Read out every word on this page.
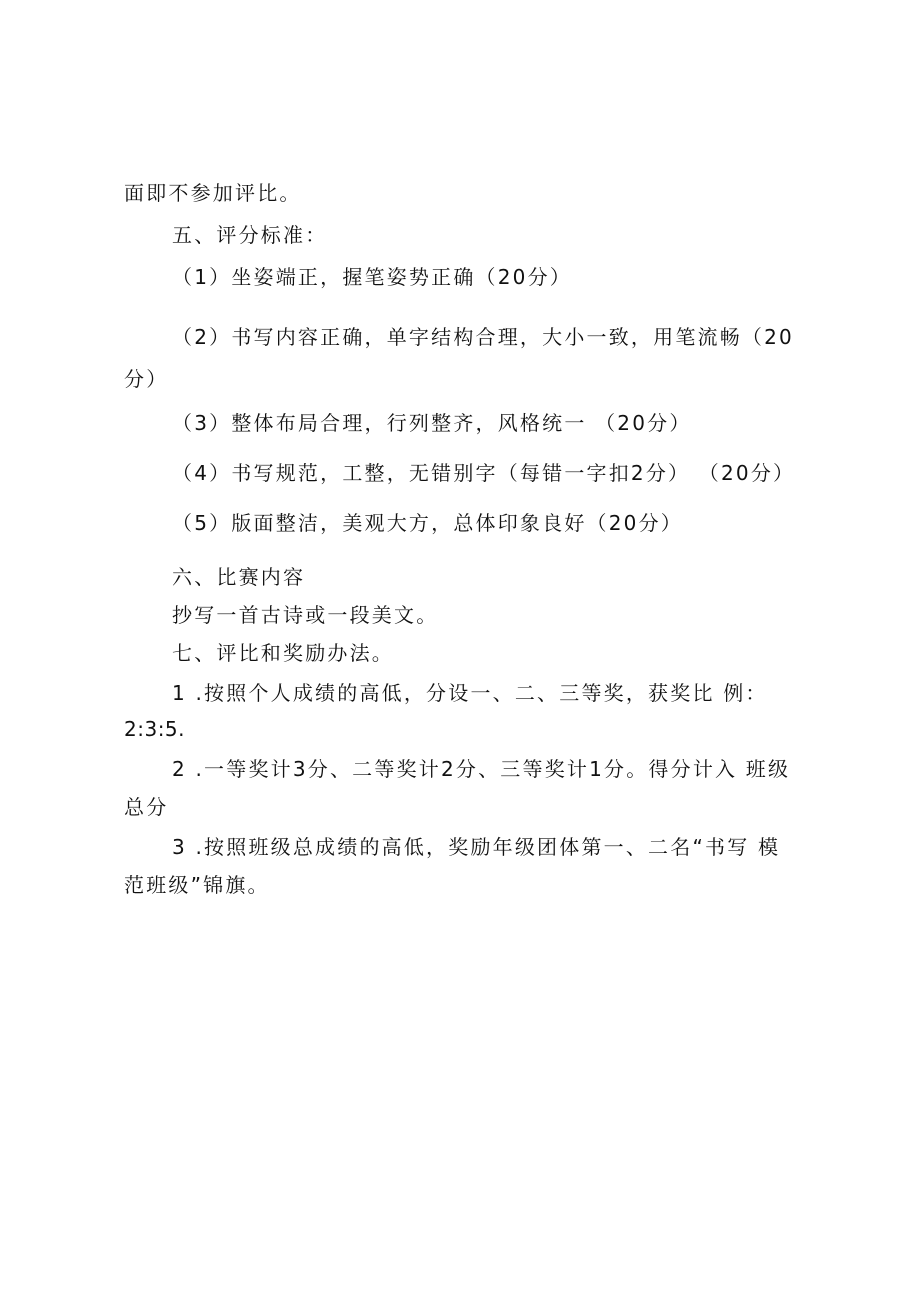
面即不参加评比。
五、评分标准：
（1）坐姿端正，握笔姿势正确（20分）
（2）书写内容正确，单字结构合理，大小一致，用笔流畅（20
分）
（3）整体布局合理，行列整齐，风格统一 （20分）
（4）书写规范，工整，无错别字（每错一字扣2分） （20分）
（5）版面整洁，美观大方，总体印象良好（20分）
六、比赛内容
抄写一首古诗或一段美文。
七、评比和奖励办法。
1 .按照个人成绩的高低，分设一、二、三等奖，获奖比 例：
2:3:5.
2 .一等奖计3分、二等奖计2分、三等奖计1分。得分计入 班级
总分
3 .按照班级总成绩的高低，奖励年级团体第一、二名“书写 模
范班级”锦旗。
